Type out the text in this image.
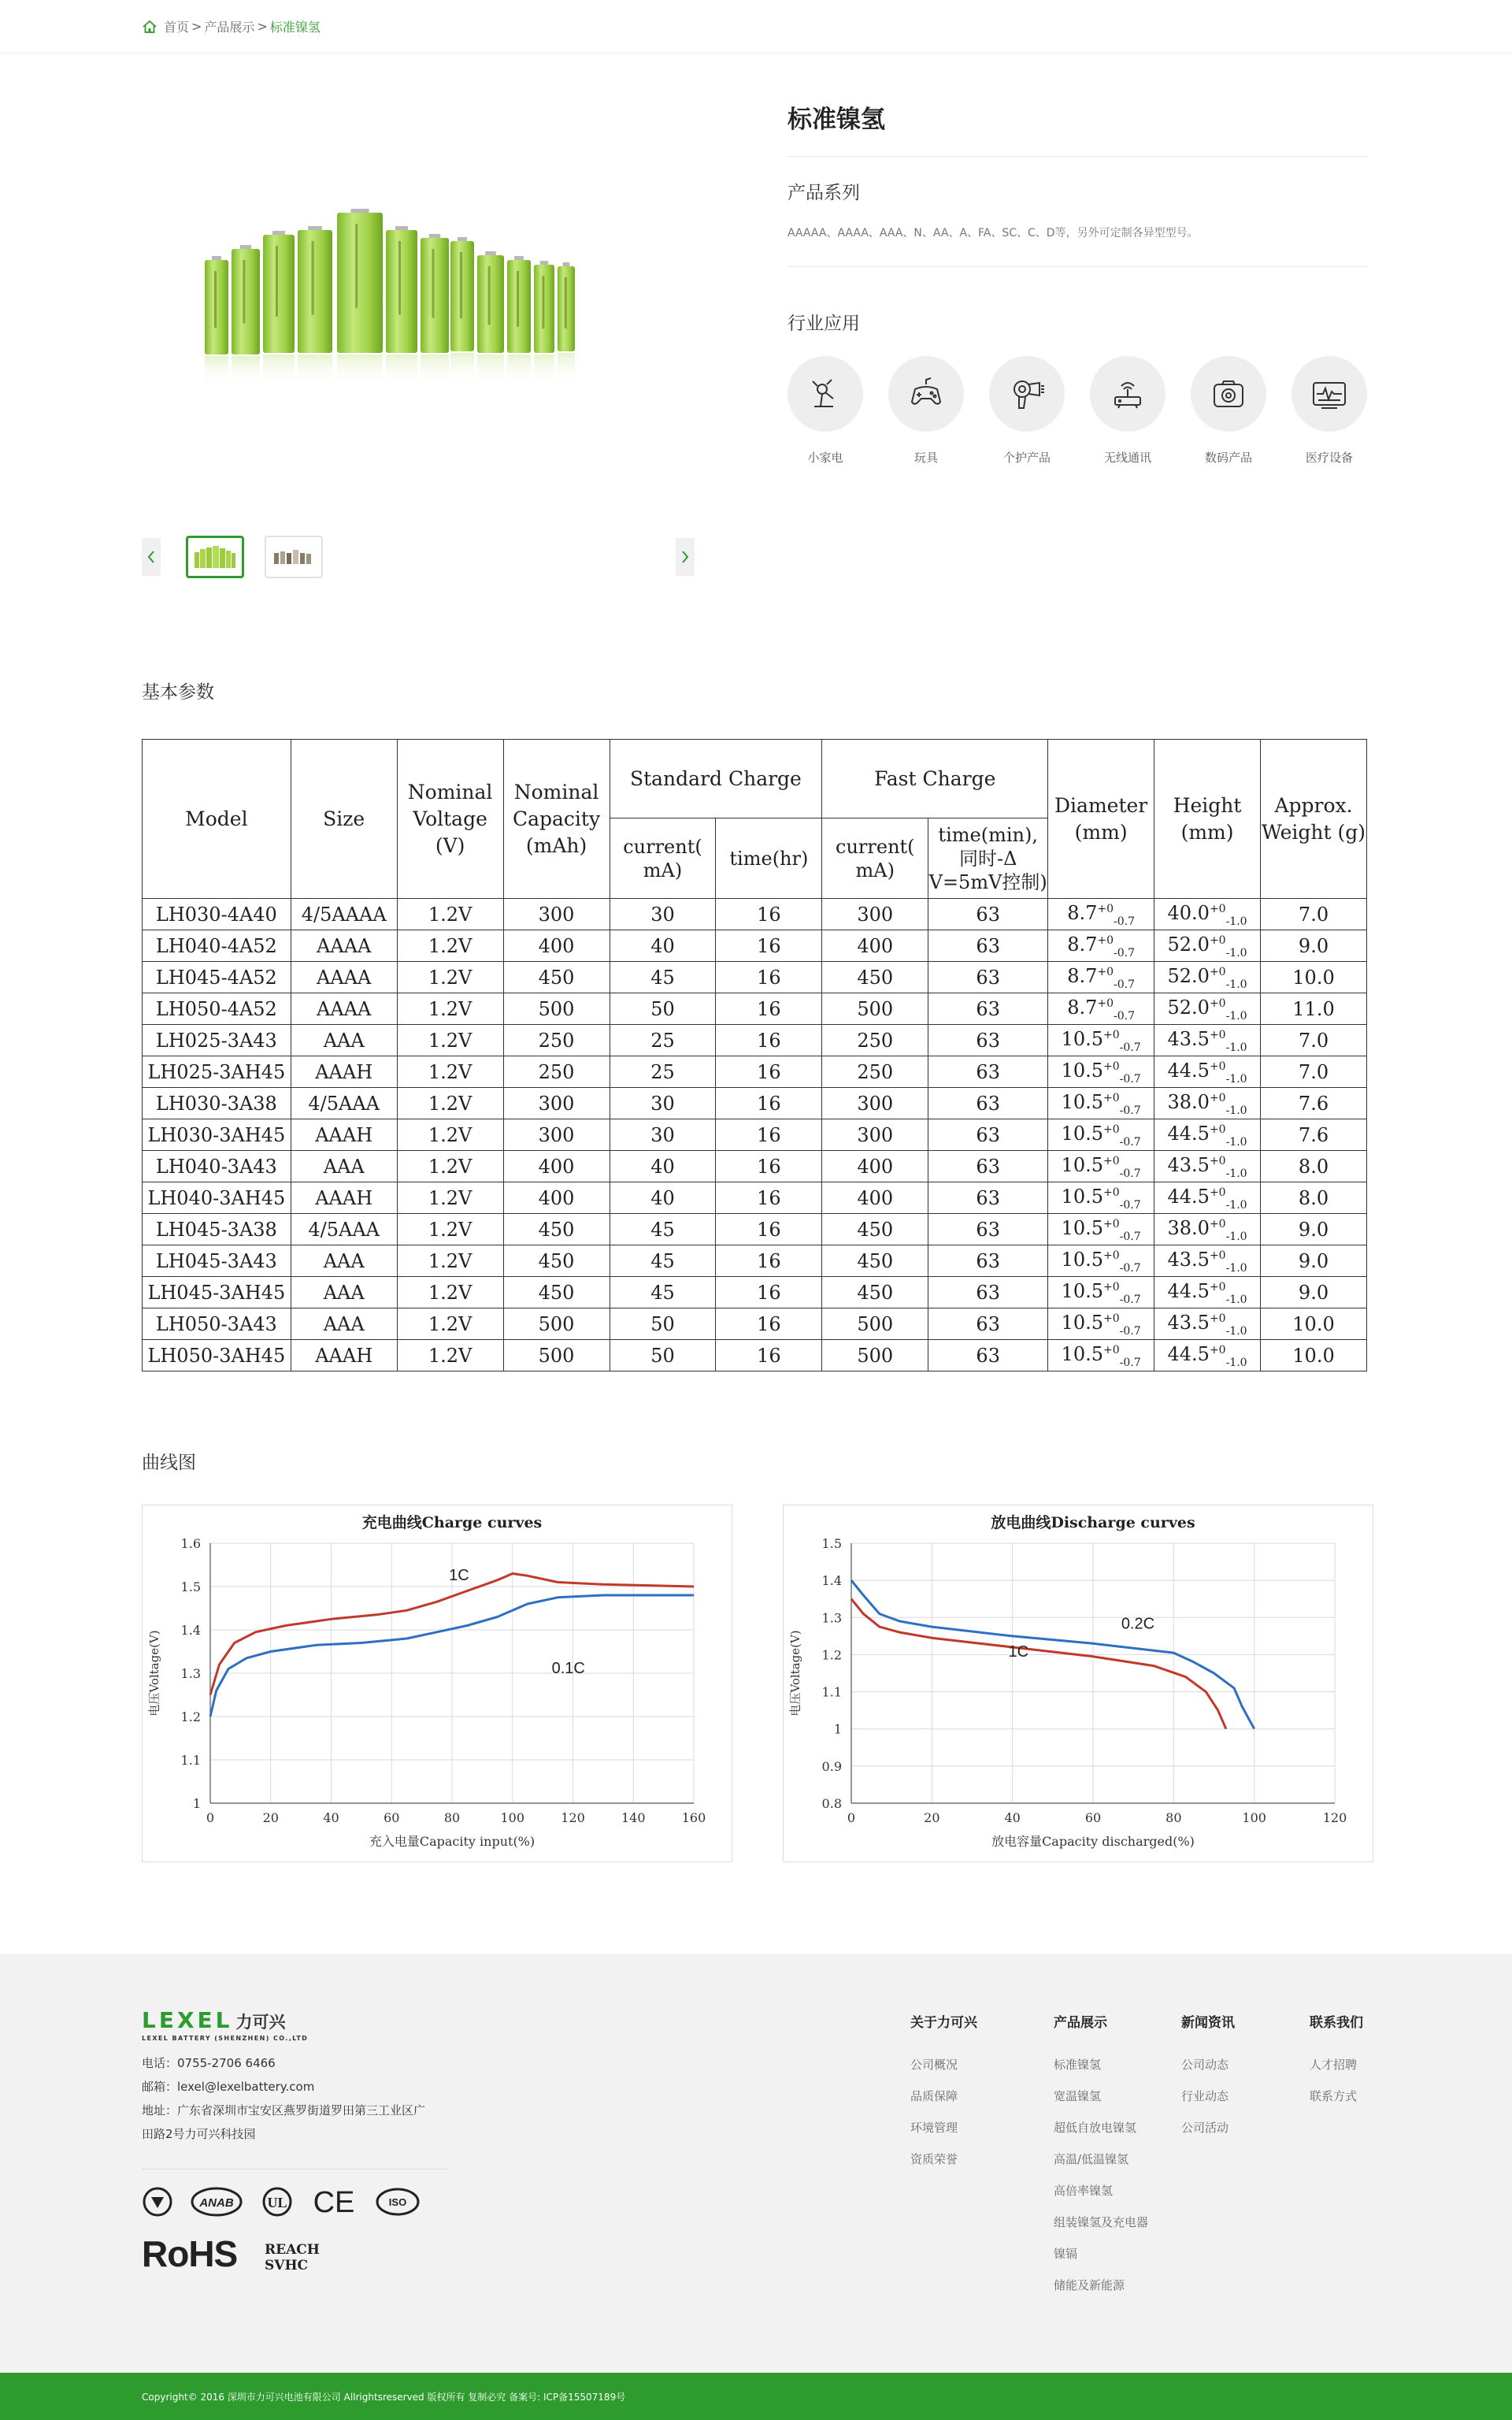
首页 > 产品展示 > 标准镍氢
标准镍氢
产品系列
AAAAA、AAAA、AAA、N、AA、A、FA、SC、C、D等，另外可定制各异型型号。
行业应用
小家电	玩具	个护产品	无线通讯	数码产品	医疗设备
基本参数
Model	Size	Nominal Voltage (V)	Nominal Capacity (mAh)	Standard Charge		Fast Charge		Diameter (mm)	Height (mm)	Approx. Weight (g)
				current( mA)	time(hr)	current( mA)	time(min), 同时-Δ V=5mV控制)			
LH030-4A40	4/5AAAA	1.2V	300	30	16	300	63	$8.7^{+0}_{-0.7}$	$40.0^{+0}_{-1.0}$	7.0
LH040-4A52	AAAA	1.2V	400	40	16	400	63	$8.7^{+0}_{-0.7}$	$52.0^{+0}_{-1.0}$	9.0
LH045-4A52	AAAA	1.2V	450	45	16	450	63	$8.7^{+0}_{-0.7}$	$52.0^{+0}_{-1.0}$	10.0
LH050-4A52	AAAA	1.2V	500	50	16	500	63	$8.7^{+0}_{-0.7}$	$52.0^{+0}_{-1.0}$	11.0
LH025-3A43	AAA	1.2V	250	25	16	250	63	$10.5^{+0}_{-0.7}$	$43.5^{+0}_{-1.0}$	7.0
LH025-3AH45	AAAH	1.2V	250	25	16	250	63	$10.5^{+0}_{-0.7}$	$44.5^{+0}_{-1.0}$	7.0
LH030-3A38	4/5AAA	1.2V	300	30	16	300	63	$10.5^{+0}_{-0.7}$	$38.0^{+0}_{-1.0}$	7.6
LH030-3AH45	AAAH	1.2V	300	30	16	300	63	$10.5^{+0}_{-0.7}$	$44.5^{+0}_{-1.0}$	7.6
LH040-3A43	AAA	1.2V	400	40	16	400	63	$10.5^{+0}_{-0.7}$	$43.5^{+0}_{-1.0}$	8.0
LH040-3AH45	AAAH	1.2V	400	40	16	400	63	$10.5^{+0}_{-0.7}$	$44.5^{+0}_{-1.0}$	8.0
LH045-3A38	4/5AAA	1.2V	450	45	16	450	63	$10.5^{+0}_{-0.7}$	$38.0^{+0}_{-1.0}$	9.0
LH045-3A43	AAA	1.2V	450	45	16	450	63	$10.5^{+0}_{-0.7}$	$43.5^{+0}_{-1.0}$	9.0
LH045-3AH45	AAA	1.2V	450	45	16	450	63	$10.5^{+0}_{-0.7}$	$44.5^{+0}_{-1.0}$	9.0
LH050-3A43	AAA	1.2V	500	50	16	500	63	$10.5^{+0}_{-0.7}$	$43.5^{+0}_{-1.0}$	10.0
LH050-3AH45	AAAH	1.2V	500	50	16	500	63	$10.5^{+0}_{-0.7}$	$44.5^{+0}_{-1.0}$	10.0
曲线图
充电曲线Charge curves
0	20	40	60	80	100	120	140	160
1
1.1
1.2
1.3
1.4
1.5
1.6
充入电量Capacity input(%)
电压Voltage(V)
1C
0.1C
放电曲线Discharge curves
0	20	40	60	80	100	120
0.8
0.9
1
1.1
1.2
1.3
1.4
1.5
放电容量Capacity discharged(%)
电压Voltage(V)
0.2C
1C
LEXEL 力可兴
LEXEL BATTERY (SHENZHEN) CO.,LTD
电话：0755-2706 6466
邮箱：lexel@lexelbattery.com
地址：广东省深圳市宝安区燕罗街道罗田第三工业区广
田路2号力可兴科技园
ANAB UL CE	ISO
RoHS REACH
SVHC
关于力可兴
公司概况
品质保障
环境管理
资质荣誉
产品展示
标准镍氢
宽温镍氢
超低自放电镍氢
高温/低温镍氢
高倍率镍氢
组装镍氢及充电器
镍镉
储能及新能源
新闻资讯
公司动态
行业动态
公司活动
联系我们
人才招聘
联系方式
Copyright© 2016 深圳市力可兴电池有限公司 Allrightsreserved 版权所有 复制必究 备案号: ICP备15507189号
